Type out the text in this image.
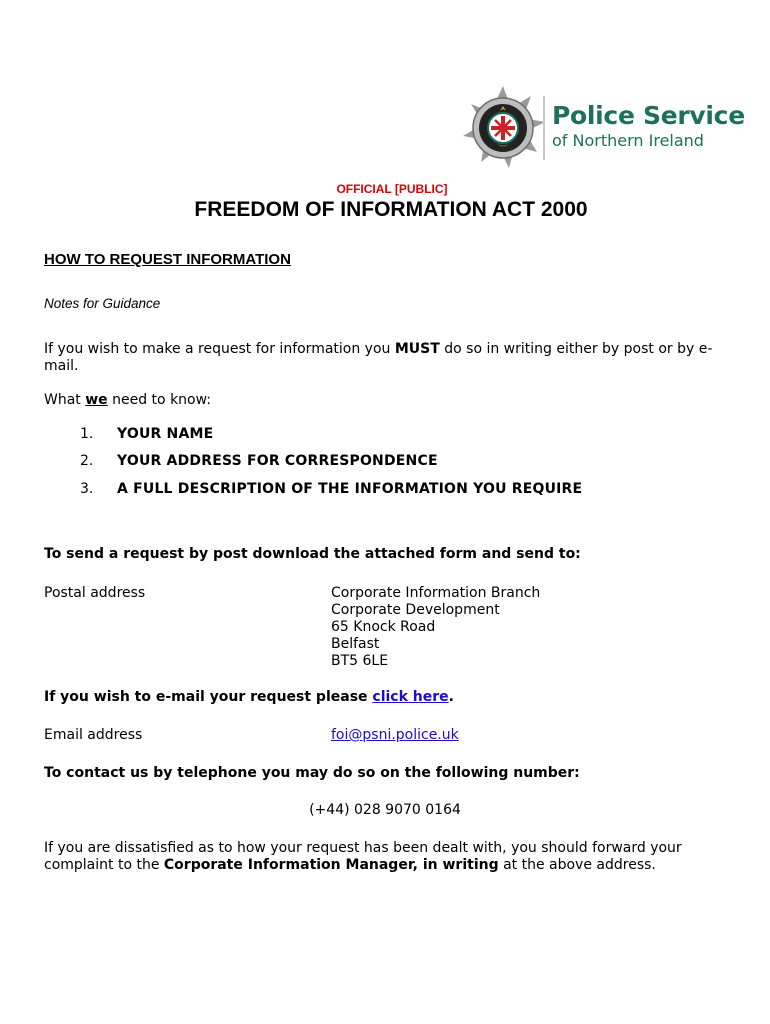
Police Service
of Northern Ireland
OFFICIAL [PUBLIC]
FREEDOM OF INFORMATION ACT 2000
HOW TO REQUEST INFORMATION
Notes for Guidance
If you wish to make a request for information you MUST do so in writing either by post or by e-mail.
What we need to know:
1. YOUR NAME
2. YOUR ADDRESS FOR CORRESPONDENCE
3. A FULL DESCRIPTION OF THE INFORMATION YOU REQUIRE
To send a request by post download the attached form and send to:
Postal address	Corporate Information Branch
Corporate Development
65 Knock Road
Belfast
BT5 6LE
If you wish to e-mail your request please click here.
Email address	foi@psni.police.uk
To contact us by telephone you may do so on the following number:
(+44) 028 9070 0164
If you are dissatisfied as to how your request has been dealt with, you should forward your complaint to the Corporate Information Manager, in writing at the above address.
